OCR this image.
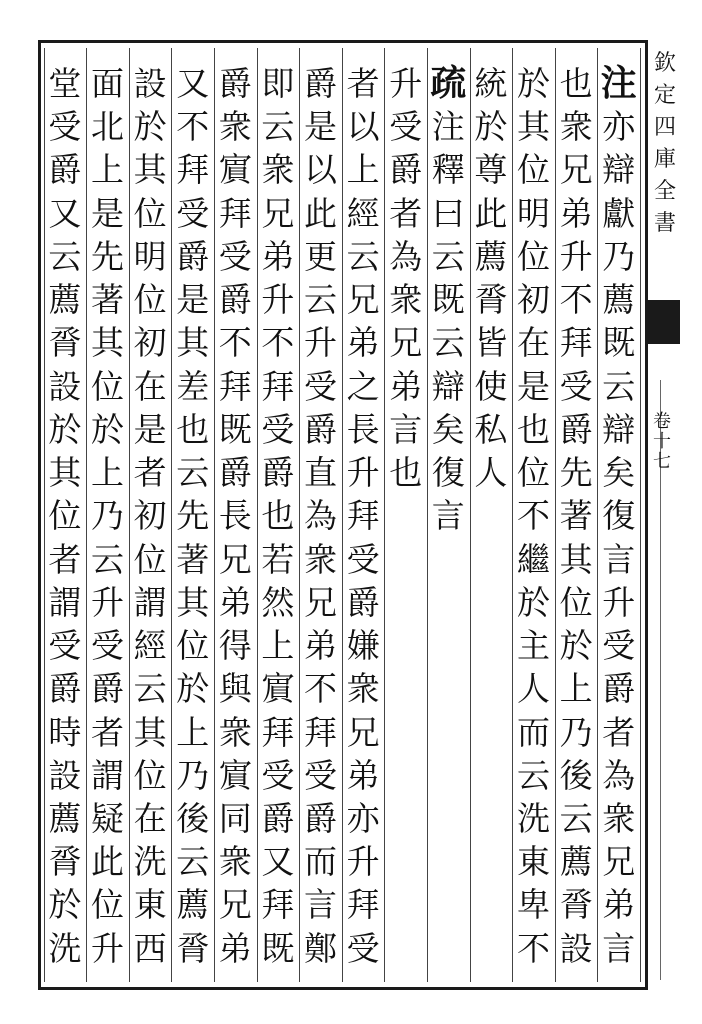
欽
定
四
庫
全
書
卷
十
七
注
亦
辯
獻
乃
薦
既
云
辯
矣
復
言
升
受
爵
者
為
衆
兄
弟
言
也
衆
兄
弟
升
不
拜
受
爵
先
著
其
位
於
上
乃
後
云
薦
脀
設
於
其
位
明
位
初
在
是
也
位
不
繼
於
主
人
而
云
洗
東
卑
不
統
於
尊
此
薦
脀
皆
使
私
人
疏
注
釋
曰
云
既
云
辯
矣
復
言
升
受
爵
者
為
衆
兄
弟
言
也
者
以
上
經
云
兄
弟
之
長
升
拜
受
爵
嫌
衆
兄
弟
亦
升
拜
受
爵
是
以
此
更
云
升
受
爵
直
為
衆
兄
弟
不
拜
受
爵
而
言
鄭
即
云
衆
兄
弟
升
不
拜
受
爵
也
若
然
上
賔
拜
受
爵
又
拜
既
爵
衆
賔
拜
受
爵
不
拜
既
爵
長
兄
弟
得
與
衆
賔
同
衆
兄
弟
又
不
拜
受
爵
是
其
差
也
云
先
著
其
位
於
上
乃
後
云
薦
脀
設
於
其
位
明
位
初
在
是
者
初
位
謂
經
云
其
位
在
洗
東
西
面
北
上
是
先
著
其
位
於
上
乃
云
升
受
爵
者
謂
疑
此
位
升
堂
受
爵
又
云
薦
脀
設
於
其
位
者
謂
受
爵
時
設
薦
脀
於
洗
